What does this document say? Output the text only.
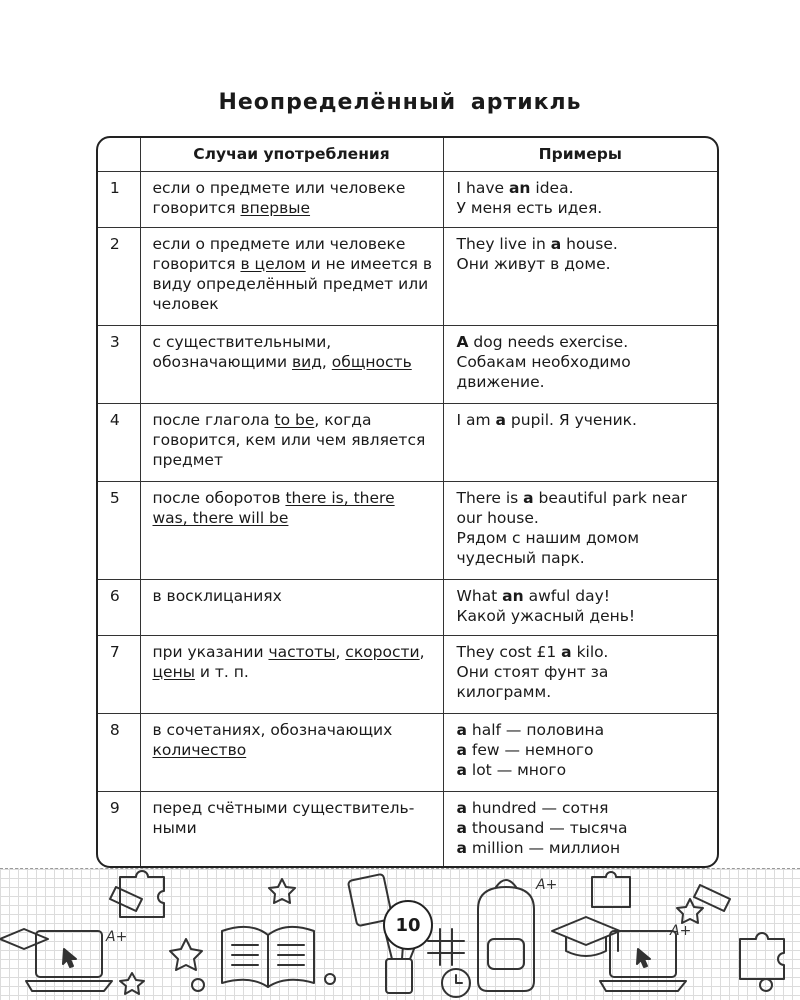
Неопределённый артикль
	Случаи употребления	Примеры
1	если о предмете или человеке говорится впервые	I have an idea.
У меня есть идея.

2	если о предмете или человеке говорится в целом и не имеется в виду определённый предмет или человек	They live in a house.
Они живут в доме.

3	с существительными, обозначающими вид, общность	A dog needs exercise.
Собакам необходимо движение.

4	после глагола to be, когда говорится, кем или чем является предмет	I am a pupil. Я ученик.

5	после оборотов there is, there was, there will be	There is a beautiful park near our house.
Рядом с нашим домом чудесный парк.

6	в восклицаниях	What an awful day!
Какой ужасный день!

7	при указании частоты, скорости, цены и т. п.	They cost £1 a kilo.
Они стоят фунт за килограмм.

8	в сочетаниях, обозначающих количество	a half — половина
a few — немного
a lot — много

9	перед счётными существитель-ными	a hundred — сотня
a thousand — тысяча
a million — миллион
A+
A+
A+
10
